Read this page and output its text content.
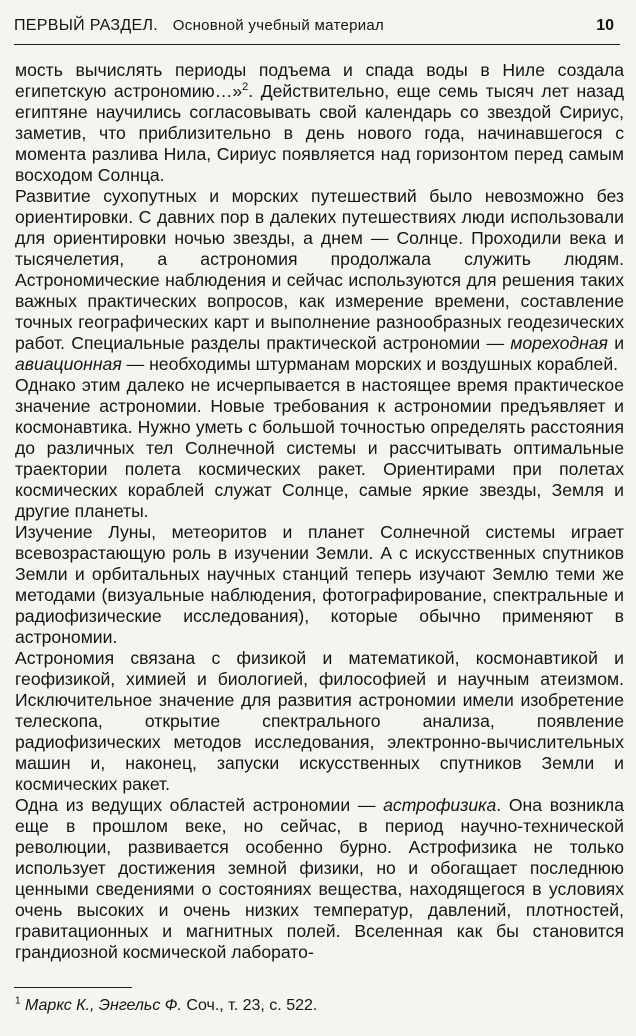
ПЕРВЫЙ РАЗДЕЛ. Основной учебный материал	10

мость вычислять периоды подъема и спада воды в Ниле создала египетскую астрономию…»$^2$. Действительно, еще семь тысяч лет назад египтяне научились согласовывать свой календарь со звездой Сириус, заметив, что приблизительно в день нового года, начинавшегося с момента разлива Нила, Сириус появляется над горизонтом перед самым восходом Солнца.

Развитие сухопутных и морских путешествий было невозможно без ориентировки. С давних пор в далеких путешествиях люди использовали для ориентировки ночью звезды, а днем — Солнце. Проходили века и тысячелетия, а астрономия продолжала служить людям. Астрономические наблюдения и сейчас используются для решения таких важных практических вопросов, как измерение времени, составление точных географических карт и выполнение разнообразных геодезических работ. Специальные разделы практической астрономии — мореходная и авиационная — необходимы штурманам морских и воздушных кораблей.

Однако этим далеко не исчерпывается в настоящее время практическое значение астрономии. Новые требования к астрономии предъявляет и космонавтика. Нужно уметь с большой точностью определять расстояния до различных тел Солнечной системы и рассчитывать оптимальные траектории полета космических ракет. Ориентирами при полетах космических кораблей служат Солнце, самые яркие звезды, Земля и другие планеты.

Изучение Луны, метеоритов и планет Солнечной системы играет всевозрастающую роль в изучении Земли. А с искусственных спутников Земли и орбитальных научных станций теперь изучают Землю теми же методами (визуальные наблюдения, фотографирование, спектральные и радиофизические исследования), которые обычно применяют в астрономии.

Астрономия связана с физикой и математикой, космонавтикой и геофизикой, химией и биологией, философией и научным атеизмом. Исключительное значение для развития астрономии имели изобретение телескопа, открытие спектрального анализа, появление радиофизических методов исследования, электронно-вычислительных машин и, наконец, запуски искусственных спутников Земли и космических ракет.

Одна из ведущих областей астрономии — астрофизика. Она возникла еще в прошлом веке, но сейчас, в период научно-технической революции, развивается особенно бурно. Астрофизика не только использует достижения земной физики, но и обогащает последнюю ценными сведениями о состояниях вещества, находящегося в условиях очень высоких и очень низких температур, давлений, плотностей, гравитационных и магнитных полей. Вселенная как бы становится грандиозной космической лаборато-

$^1$ Маркс К., Энгельс Ф. Соч., т. 23, с. 522.
